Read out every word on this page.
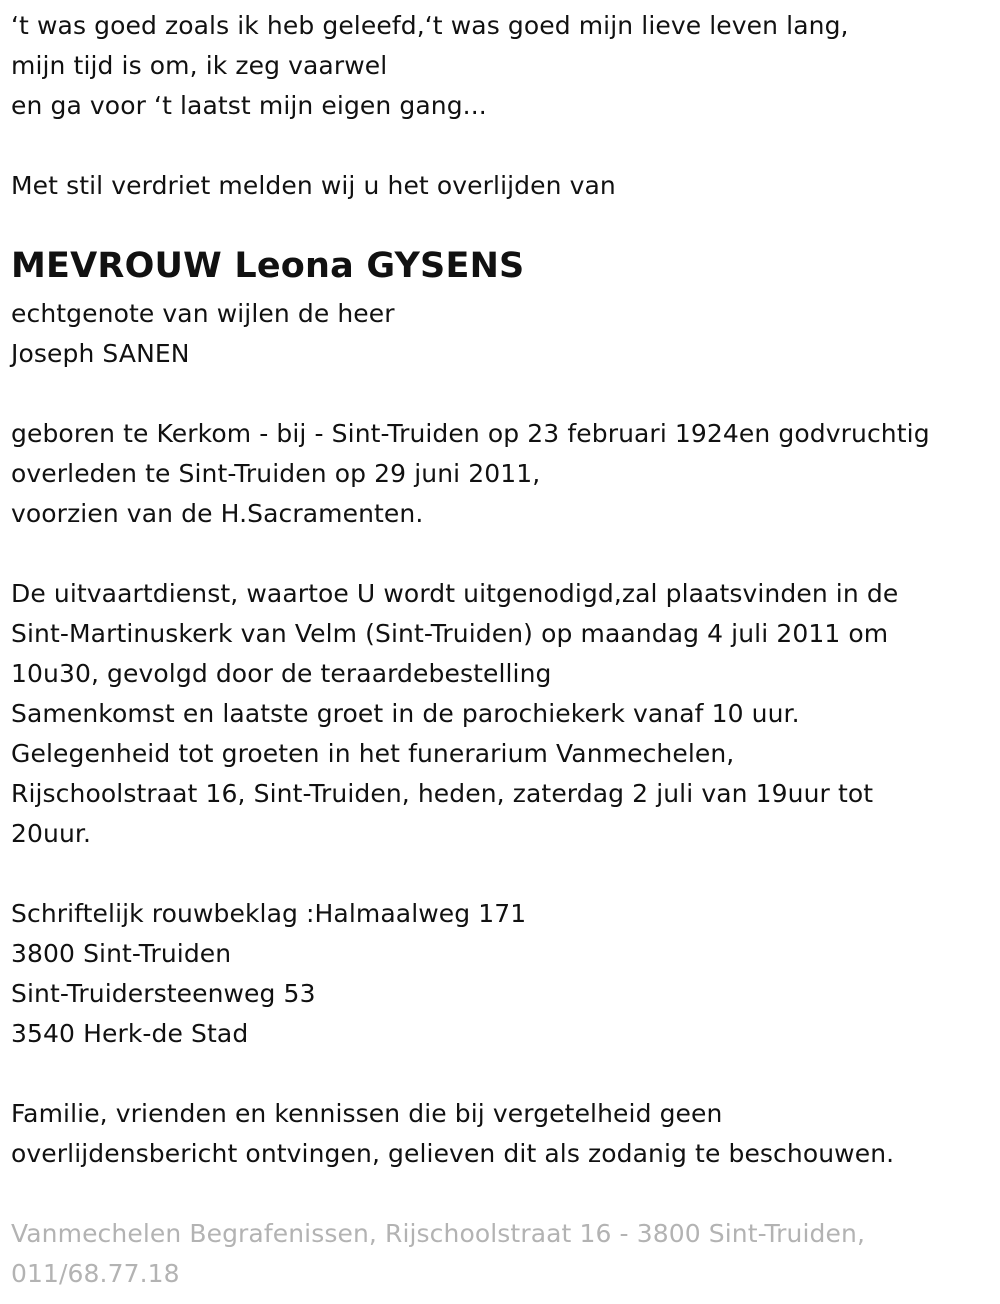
‘t was goed zoals ik heb geleefd,‘t was goed mijn lieve leven lang,
mijn tijd is om, ik zeg vaarwel
en ga voor ‘t laatst mijn eigen gang...
Met stil verdriet melden wij u het overlijden van
MEVROUW Leona GYSENS
echtgenote van wijlen de heer
Joseph SANEN
geboren te Kerkom - bij - Sint-Truiden op 23 februari 1924en godvruchtig
overleden te Sint-Truiden op 29 juni 2011,
voorzien van de H.Sacramenten.
De uitvaartdienst, waartoe U wordt uitgenodigd,zal plaatsvinden in de
Sint-Martinuskerk van Velm (Sint-Truiden) op maandag 4 juli 2011 om
10u30, gevolgd door de teraardebestelling
Samenkomst en laatste groet in de parochiekerk vanaf 10 uur.
Gelegenheid tot groeten in het funerarium Vanmechelen,
Rijschoolstraat 16, Sint-Truiden, heden, zaterdag 2 juli van 19uur tot
20uur.
Schriftelijk rouwbeklag :Halmaalweg 171
3800 Sint-Truiden
Sint-Truidersteenweg 53
3540 Herk-de Stad
Familie, vrienden en kennissen die bij vergetelheid geen
overlijdensbericht ontvingen, gelieven dit als zodanig te beschouwen.
Vanmechelen Begrafenissen, Rijschoolstraat 16 - 3800 Sint-Truiden,
011/68.77.18
